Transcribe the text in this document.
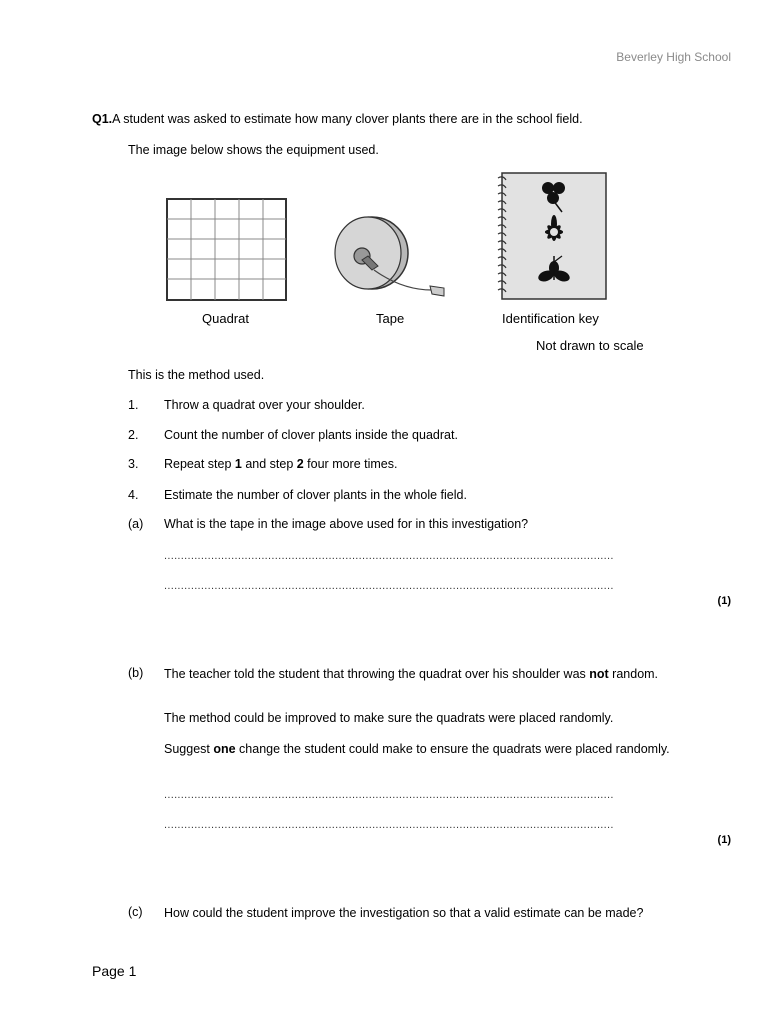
Beverley High School
Q1.A student was asked to estimate how many clover plants there are in the school field.
The image below shows the equipment used.
Quadrat	Tape	Identification key
Not drawn to scale
This is the method used.
1. Throw a quadrat over your shoulder.
2. Count the number of clover plants inside the quadrat.
3. Repeat step 1 and step 2 four more times.
4. Estimate the number of clover plants in the whole field.
(a) What is the tape in the image above used for in this investigation?
......................................................................................................................................
......................................................................................................................................
(1)
(b) The teacher told the student that throwing the quadrat over his shoulder was not random.
The method could be improved to make sure the quadrats were placed randomly.
Suggest one change the student could make to ensure the quadrats were placed randomly.
......................................................................................................................................
......................................................................................................................................
(1)
(c) How could the student improve the investigation so that a valid estimate can be made?
Page 1
